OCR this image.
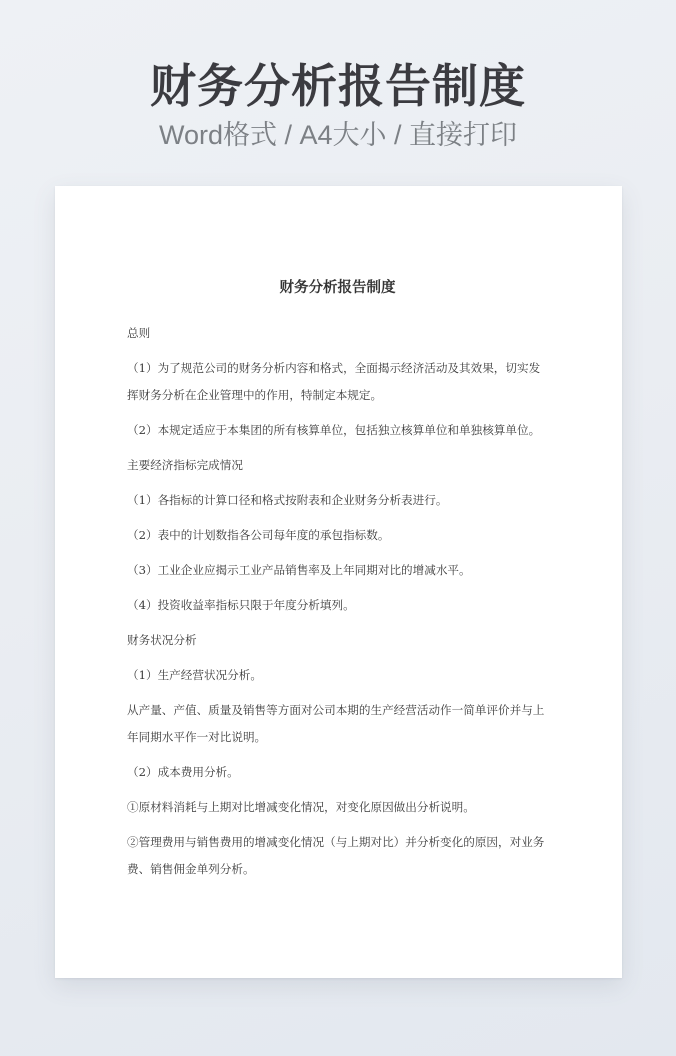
财务分析报告制度
Word格式 / A4大小 / 直接打印
财务分析报告制度

总则

（1）为了规范公司的财务分析内容和格式，全面揭示经济活动及其效果，切实发挥财务分析在企业管理中的作用，特制定本规定。

（2）本规定适应于本集团的所有核算单位，包括独立核算单位和单独核算单位。

主要经济指标完成情况

（1）各指标的计算口径和格式按附表和企业财务分析表进行。

（2）表中的计划数指各公司每年度的承包指标数。

（3）工业企业应揭示工业产品销售率及上年同期对比的增减水平。

（4）投资收益率指标只限于年度分析填列。

财务状况分析

（1）生产经营状况分析。

从产量、产值、质量及销售等方面对公司本期的生产经营活动作一简单评价并与上年同期水平作一对比说明。

（2）成本费用分析。

①原材料消耗与上期对比增减变化情况，对变化原因做出分析说明。

②管理费用与销售费用的增减变化情况（与上期对比）并分析变化的原因，对业务费、销售佣金单列分析。
